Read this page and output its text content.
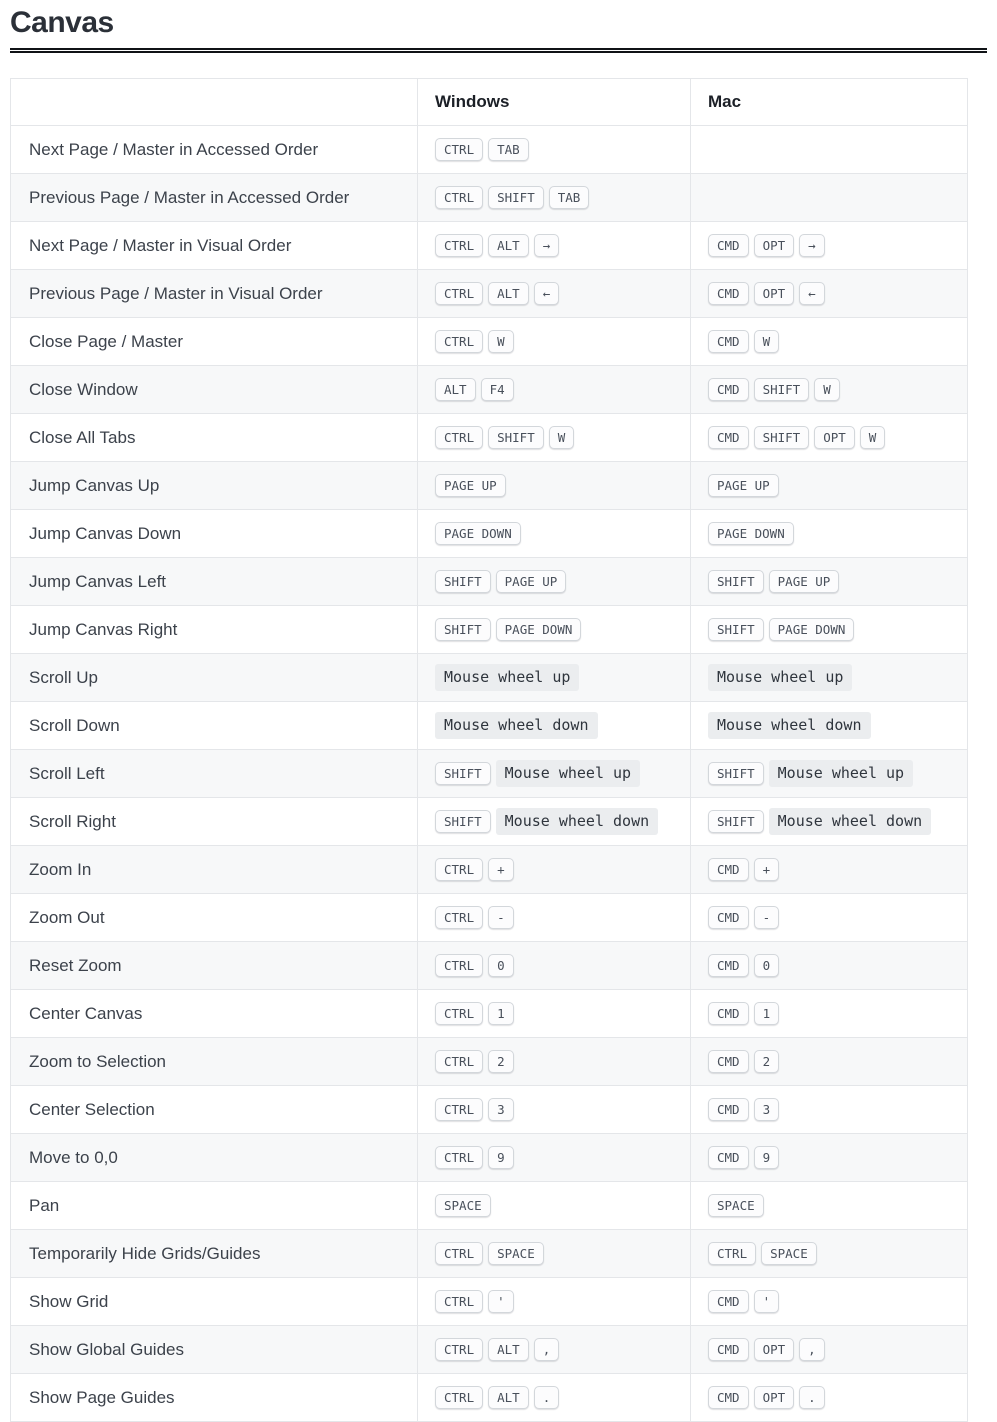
Canvas
	Windows	Mac
Next Page / Master in Accessed Order	CTRL TAB	
Previous Page / Master in Accessed Order	CTRL SHIFT TAB	
Next Page / Master in Visual Order	CTRL ALT →	CMD OPT →
Previous Page / Master in Visual Order	CTRL ALT ←	CMD OPT ←
Close Page / Master	CTRL W	CMD W
Close Window	ALT F4	CMD SHIFT W
Close All Tabs	CTRL SHIFT W	CMD SHIFT OPT W
Jump Canvas Up	PAGE UP	PAGE UP
Jump Canvas Down	PAGE DOWN	PAGE DOWN
Jump Canvas Left	SHIFT PAGE UP	SHIFT PAGE UP
Jump Canvas Right	SHIFT PAGE DOWN	SHIFT PAGE DOWN
Scroll Up	Mouse wheel up	Mouse wheel up
Scroll Down	Mouse wheel down	Mouse wheel down
Scroll Left	SHIFT Mouse wheel up	SHIFT Mouse wheel up
Scroll Right	SHIFT Mouse wheel down	SHIFT Mouse wheel down
Zoom In	CTRL +	CMD +
Zoom Out	CTRL -	CMD -
Reset Zoom	CTRL 0	CMD 0
Center Canvas	CTRL 1	CMD 1
Zoom to Selection	CTRL 2	CMD 2
Center Selection	CTRL 3	CMD 3
Move to 0,0	CTRL 9	CMD 9
Pan	SPACE	SPACE
Temporarily Hide Grids/Guides	CTRL SPACE	CTRL SPACE
Show Grid	CTRL '	CMD '
Show Global Guides	CTRL ALT ,	CMD OPT ,
Show Page Guides	CTRL ALT .	CMD OPT .
